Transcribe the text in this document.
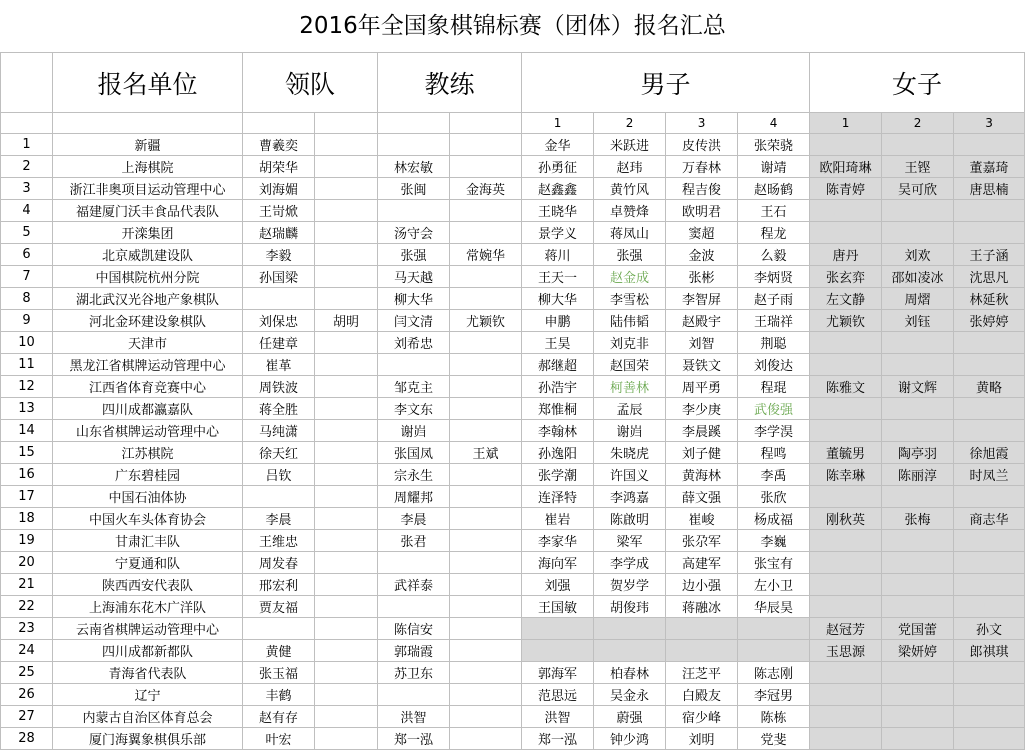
2016年全国象棋锦标赛（团体）报名汇总
	报名单位	领队		教练		男子				女子		
						1	2	3	4	1	2	3
1	新疆	曹羲奕				金华	米跃进	皮传洪	张荣骁			
2	上海棋院	胡荣华		林宏敏		孙勇征	赵玮	万春林	谢靖	欧阳琦琳	王铿	董嘉琦
3	浙江非奥项目运动管理中心	刘海媚		张闽	金海英	赵鑫鑫	黄竹风	程吉俊	赵旸鹤	陈青婷	吴可欣	唐思楠
4	福建厦门沃丰食品代表队	王岢焮				王晓华	卓赞烽	欧明君	王石			
5	开滦集团	赵瑞麟		汤守会		景学义	蒋凤山	窦超	程龙			
6	北京威凯建设队	李毅		张强	常婉华	蒋川	张强	金波	么毅	唐丹	刘欢	王子涵
7	中国棋院杭州分院	孙国梁		马天越		王天一	赵金成	张彬	李炳贤	张玄弈	邵如凌冰	沈思凡
8	湖北武汉光谷地产象棋队			柳大华		柳大华	李雪松	李智屏	赵子雨	左文静	周熠	林延秋
9	河北金环建设象棋队	刘保忠	胡明	闫文清	尤颖钦	申鹏	陆伟韬	赵殿宇	王瑞祥	尤颖钦	刘钰	张婷婷
10	天津市	任建章		刘希忠		王昊	刘克非	刘智	荆聪			
11	黑龙江省棋牌运动管理中心	崔革				郝继超	赵国荣	聂铁文	刘俊达			
12	江西省体育竞赛中心	周铁波		邹克主		孙浩宇	柯善林	周平勇	程琨	陈雅文	谢文辉	黄略
13	四川成都瀛嘉队	蒋全胜		李文东		郑惟桐	孟辰	李少庚	武俊强			
14	山东省棋牌运动管理中心	马纯潇		谢岿		李翰林	谢岿	李晨蹊	李学淏			
15	江苏棋院	徐天红		张国凤	王斌	孙逸阳	朱晓虎	刘子健	程鸣	董毓男	陶亭羽	徐旭霞
16	广东碧桂园	吕钦		宗永生		张学潮	许国义	黄海林	李禹	陈幸琳	陈丽淳	时凤兰
17	中国石油体协			周耀邦		连泽特	李鸿嘉	薛文强	张欣			
18	中国火车头体育协会	李晨		李晨		崔岩	陈啟明	崔峻	杨成福	刚秋英	张梅	商志华
19	甘肃汇丰队	王维忠		张君		李家华	梁军	张尕军	李巍			
20	宁夏通和队	周发春				海向军	李学成	高建军	张宝有			
21	陕西西安代表队	邢宏利		武祥泰		刘强	贺岁学	边小强	左小卫			
22	上海浦东花木广洋队	贾友福				王国敏	胡俊玮	蒋融冰	华辰昊			
23	云南省棋牌运动管理中心			陈信安						赵冠芳	党国蕾	孙文
24	四川成都新都队	黄健		郭瑞霞						玉思源	梁妍婷	郎祺琪
25	青海省代表队	张玉福		苏卫东		郭海军	柏春林	汪芝平	陈志刚			
26	辽宁	丰鹤				范思远	吴金永	白殿友	李冠男			
27	内蒙古自治区体育总会	赵有存		洪智		洪智	蔚强	宿少峰	陈栋			
28	厦门海翼象棋俱乐部	叶宏		郑一泓		郑一泓	钟少鸿	刘明	党斐			
